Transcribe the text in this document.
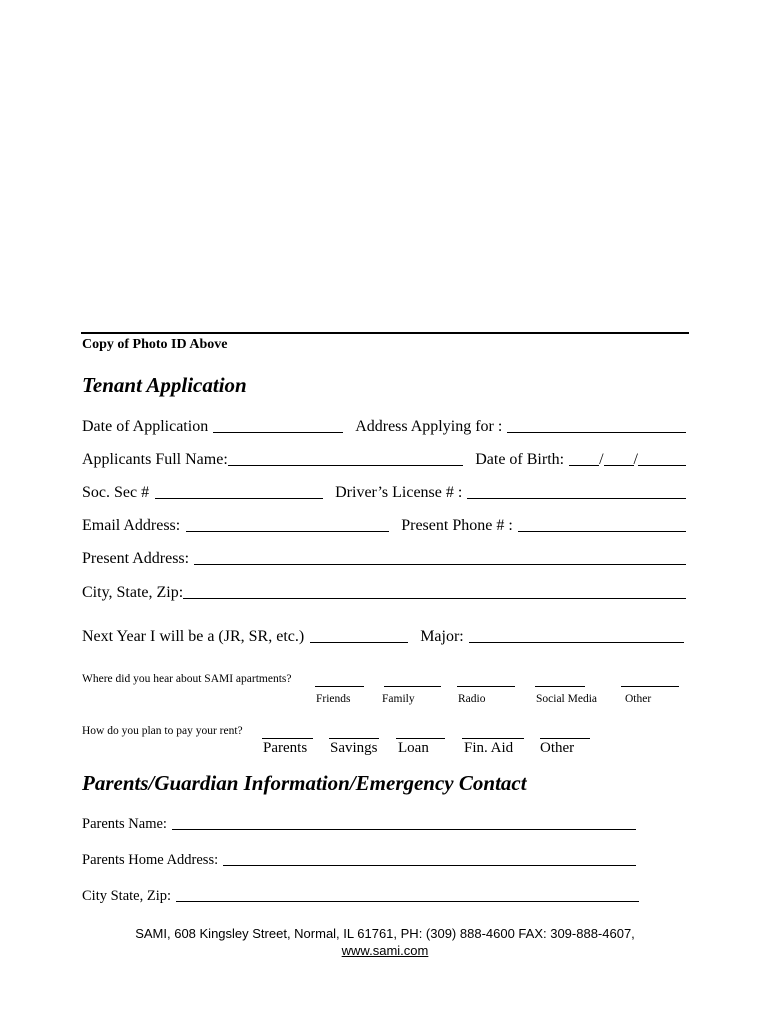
Copy of Photo ID Above
Tenant Application
Date of Application	Address Applying for :
Applicants Full Name:	Date of Birth: / /
Soc. Sec #	Driver’s License # :
Email Address:	Present Phone # :
Present Address:
City, State, Zip:
Next Year I will be a (JR, SR, etc.)	Major:
Where did you hear about SAMI apartments?
Friends	Family	Radio	Social Media Other
How do you plan to pay your rent?
Parents Savings Loan Fin. Aid Other
Parents/Guardian Information/Emergency Contact
Parents Name:
Parents Home Address:
City State, Zip:
SAMI, 608 Kingsley Street, Normal, IL 61761, PH: (309) 888-4600 FAX: 309-888-4607,
www.sami.com
